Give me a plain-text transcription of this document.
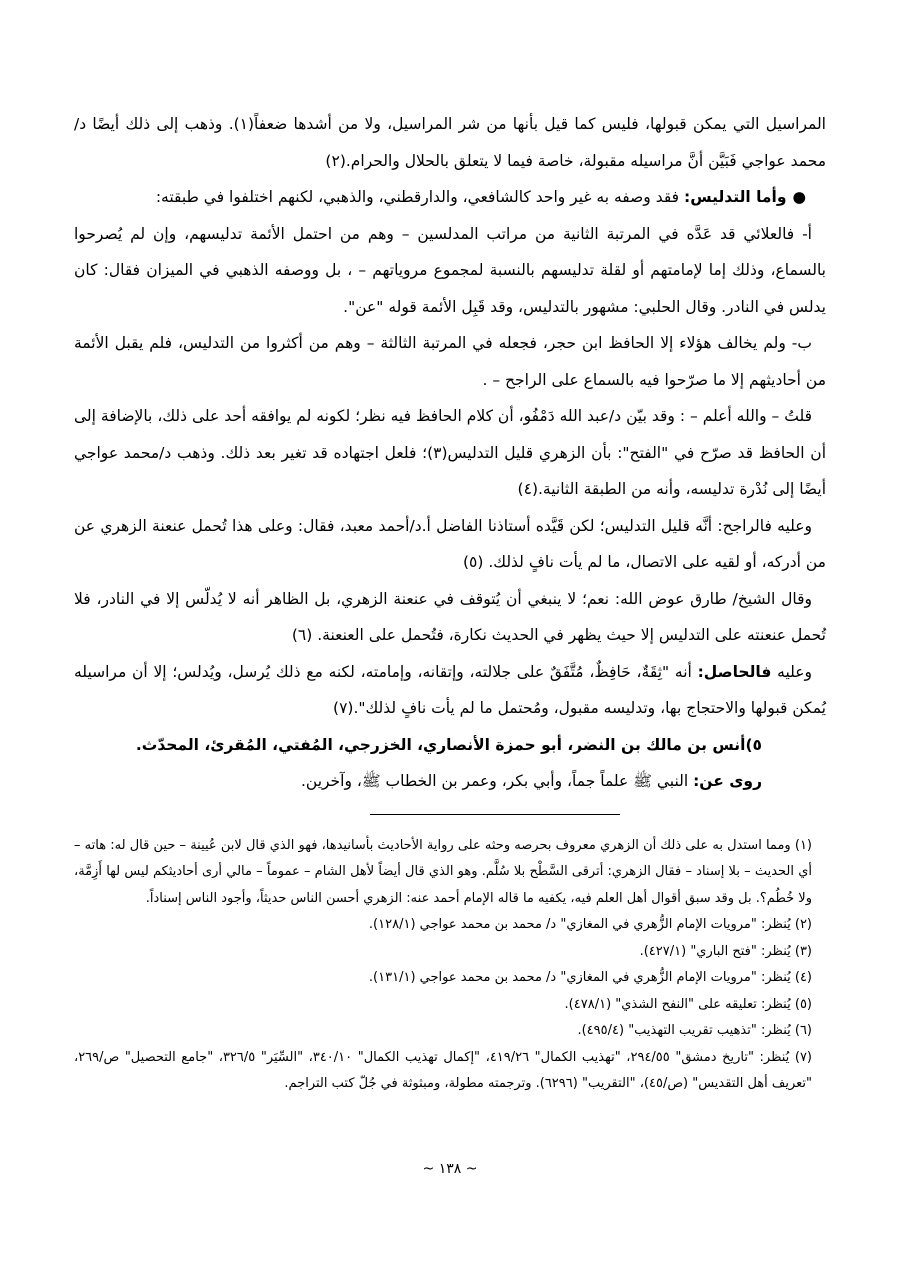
المراسيل التي يمكن قبولها، فليس كما قيل بأنها من شر المراسيل، ولا من أشدها ضعفاً(١). وذهب إلى ذلك أيضًا د/محمد عواجي فَبَيَّن أنَّ مراسيله مقبولة، خاصة فيما لا يتعلق بالحلال والحرام.(٢)

●وأما التدليس: فقد وصفه به غير واحد كالشافعي، والدارقطني، والذهبي، لكنهم اختلفوا في طبقته:

أ- فالعلائي قد عَدَّه في المرتبة الثانية من مراتب المدلسين – وهم من احتمل الأئمة تدليسهم، وإن لم يُصرحوا بالسماع، وذلك إما لإمامتهم أو لقلة تدليسهم بالنسبة لمجموع مروياتهم – ، بل ووصفه الذهبي في الميزان فقال: كان يدلس في النادر. وقال الحلبي: مشهور بالتدليس، وقد قَبِل الأئمة قوله "عن".

ب- ولم يخالف هؤلاء إلا الحافظ ابن حجر، فجعله في المرتبة الثالثة – وهم من أكثروا من التدليس، فلم يقبل الأئمة من أحاديثهم إلا ما صرّحوا فيه بالسماع على الراجح – .

قلتُ – والله أعلم – : وقد بيّن د/عبد الله دَمْفُو، أن كلام الحافظ فيه نظر؛ لكونه لم يوافقه أحد على ذلك، بالإضافة إلى أن الحافظ قد صرّح في "الفتح": بأن الزهري قليل التدليس(٣)؛ فلعل اجتهاده قد تغير بعد ذلك. وذهب د/محمد عواجي أيضًا إلى نُدْرة تدليسه، وأنه من الطبقة الثانية.(٤)

وعليه فالراجح: أنَّه قليل التدليس؛ لكن قَيَّده أستاذنا الفاضل أ.د/أحمد معبد، فقال: وعلى هذا تُحمل عنعنة الزهري عن من أدركه، أو لقيه على الاتصال، ما لم يأت نافٍ لذلك. (٥)

وقال الشيخ/ طارق عوض الله: نعم؛ لا ينبغي أن يُتوقف في عنعنة الزهري، بل الظاهر أنه لا يُدلّس إلا في النادر، فلا تُحمل عنعنته على التدليس إلا حيث يظهر في الحديث نكارة، فتُحمل على العنعنة. (٦)

وعليه فالحاصل: أنه "ثِقَةٌ، حَافِظٌ، مُتَّفَقٌ على جلالته، وإتقانه، وإمامته، لكنه مع ذلك يُرسل، ويُدلس؛ إلا أن مراسيله يُمكن قبولها والاحتجاج بها، وتدليسه مقبول، ومُحتمل ما لم يأت نافٍ لذلك".(٧)

٥)أنس بن مالك بن النضر، أبو حمزة الأنصاري، الخزرجي، المُفتي، المُقرئ، المحدّث.

روى عن: النبي ﷺ علماً جماً، وأبي بكر، وعمر بن الخطاب ﷺ، وآخرين.

(١) ومما استدل به على ذلك أن الزهري معروف بحرصه وحثه على رواية الأحاديث بأسانيدها، فهو الذي قال لابن عُيينة – حين قال له: هاته – أي الحديث – بلا إسناد – فقال الزهري: أترقى السَّطْح بلا سُلَّم. وهو الذي قال أيضاً لأهل الشام – عموماً – مالي أرى أحاديثكم ليس لها أَزِمَّة، ولا خُطُم؟. بل وقد سبق أقوال أهل العلم فيه، يكفيه ما قاله الإمام أحمد عنه: الزهري أحسن الناس حديثاً، وأجود الناس إسناداً.

(٢) يُنظر: "مرويات الإمام الزُّهري في المغازي" د/ محمد بن محمد عواجي (١٢٨/١).

(٣) يُنظر: "فتح الباري" (٤٢٧/١).

(٤) يُنظر: "مرويات الإمام الزُّهري في المغازي" د/ محمد بن محمد عواجي (١٣١/١).

(٥) يُنظر: تعليقه على "النفح الشذي" (٤٧٨/١).

(٦) يُنظر: "تذهيب تقريب التهذيب" (٤٩٥/٤).

(٧) يُنظر: "تاريخ دمشق" ٢٩٤/٥٥، "تهذيب الكمال" ٤١٩/٢٦، "إكمال تهذيب الكمال" ٣٤٠/١٠، "السِّيَر" ٣٢٦/٥، "جامع التحصيل" ص/٢٦٩، "تعريف أهل التقديس" (ص/٤٥)، "التقريب" (٦٢٩٦). وترجمته مطولة، ومبثوثة في جُلّ كتب التراجم.

~ ١٣٨ ~
